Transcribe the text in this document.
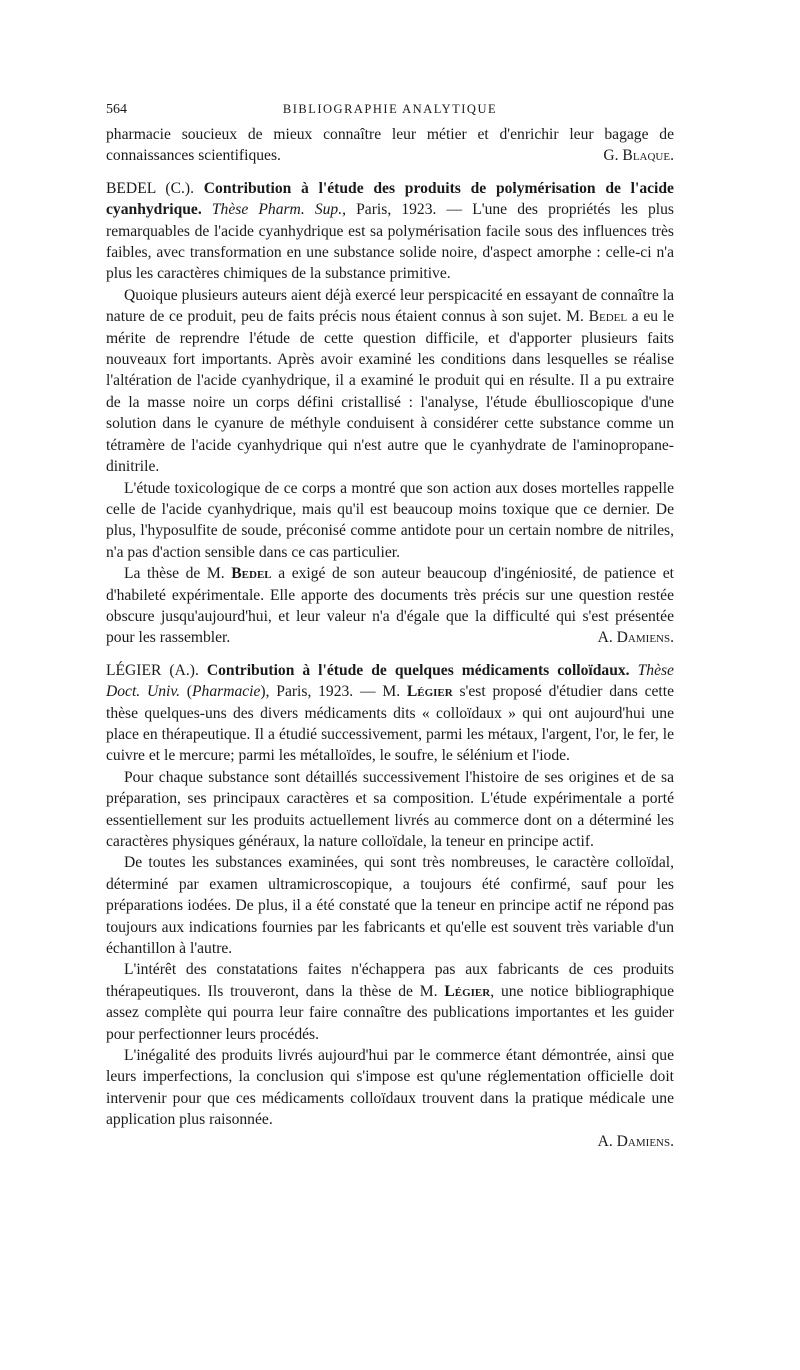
564	BIBLIOGRAPHIE ANALYTIQUE

pharmacie soucieux de mieux connaître leur métier et d'enrichir leur bagage de connaissances scientifiques.	G. Blaque.

BEDEL (C.). Contribution à l'étude des produits de polymérisation de l'acide cyanhydrique. Thèse Pharm. Sup., Paris, 1923. — L'une des propriétés les plus remarquables de l'acide cyanhydrique est sa polymérisation facile sous des influences très faibles, avec transformation en une substance solide noire, d'aspect amorphe : celle-ci n'a plus les caractères chimiques de la substance primitive.

Quoique plusieurs auteurs aient déjà exercé leur perspicacité en essayant de connaître la nature de ce produit, peu de faits précis nous étaient connus à son sujet. M. Bedel a eu le mérite de reprendre l'étude de cette question difficile, et d'apporter plusieurs faits nouveaux fort importants. Après avoir examiné les conditions dans lesquelles se réalise l'altération de l'acide cyanhydrique, il a examiné le produit qui en résulte. Il a pu extraire de la masse noire un corps défini cristallisé : l'analyse, l'étude ébullioscopique d'une solution dans le cyanure de méthyle conduisent à considérer cette substance comme un tétramère de l'acide cyanhydrique qui n'est autre que le cyanhydrate de l'aminopropane-dinitrile.

L'étude toxicologique de ce corps a montré que son action aux doses mortelles rappelle celle de l'acide cyanhydrique, mais qu'il est beaucoup moins toxique que ce dernier. De plus, l'hyposulfite de soude, préconisé comme antidote pour un certain nombre de nitriles, n'a pas d'action sensible dans ce cas particulier.

La thèse de M. Bedel a exigé de son auteur beaucoup d'ingéniosité, de patience et d'habileté expérimentale. Elle apporte des documents très précis sur une question restée obscure jusqu'aujourd'hui, et leur valeur n'a d'égale que la difficulté qui s'est présentée pour les rassembler.	A. Damiens.

LÉGIER (A.). Contribution à l'étude de quelques médicaments colloïdaux. Thèse Doct. Univ. (Pharmacie), Paris, 1923. — M. Légier s'est proposé d'étudier dans cette thèse quelques-uns des divers médicaments dits « colloïdaux » qui ont aujourd'hui une place en thérapeutique. Il a étudié successivement, parmi les métaux, l'argent, l'or, le fer, le cuivre et le mercure; parmi les métalloïdes, le soufre, le sélénium et l'iode.

Pour chaque substance sont détaillés successivement l'histoire de ses origines et de sa préparation, ses principaux caractères et sa composition. L'étude expérimentale a porté essentiellement sur les produits actuellement livrés au commerce dont on a déterminé les caractères physiques généraux, la nature colloïdale, la teneur en principe actif.

De toutes les substances examinées, qui sont très nombreuses, le caractère colloïdal, déterminé par examen ultramicroscopique, a toujours été confirmé, sauf pour les préparations iodées. De plus, il a été constaté que la teneur en principe actif ne répond pas toujours aux indications fournies par les fabricants et qu'elle est souvent très variable d'un échantillon à l'autre.

L'intérêt des constatations faites n'échappera pas aux fabricants de ces produits thérapeutiques. Ils trouveront, dans la thèse de M. Légier, une notice bibliographique assez complète qui pourra leur faire connaître des publications importantes et les guider pour perfectionner leurs procédés.

L'inégalité des produits livrés aujourd'hui par le commerce étant démontrée, ainsi que leurs imperfections, la conclusion qui s'impose est qu'une réglementation officielle doit intervenir pour que ces médicaments colloïdaux trouvent dans la pratique médicale une application plus raisonnée.

A. Damiens.
